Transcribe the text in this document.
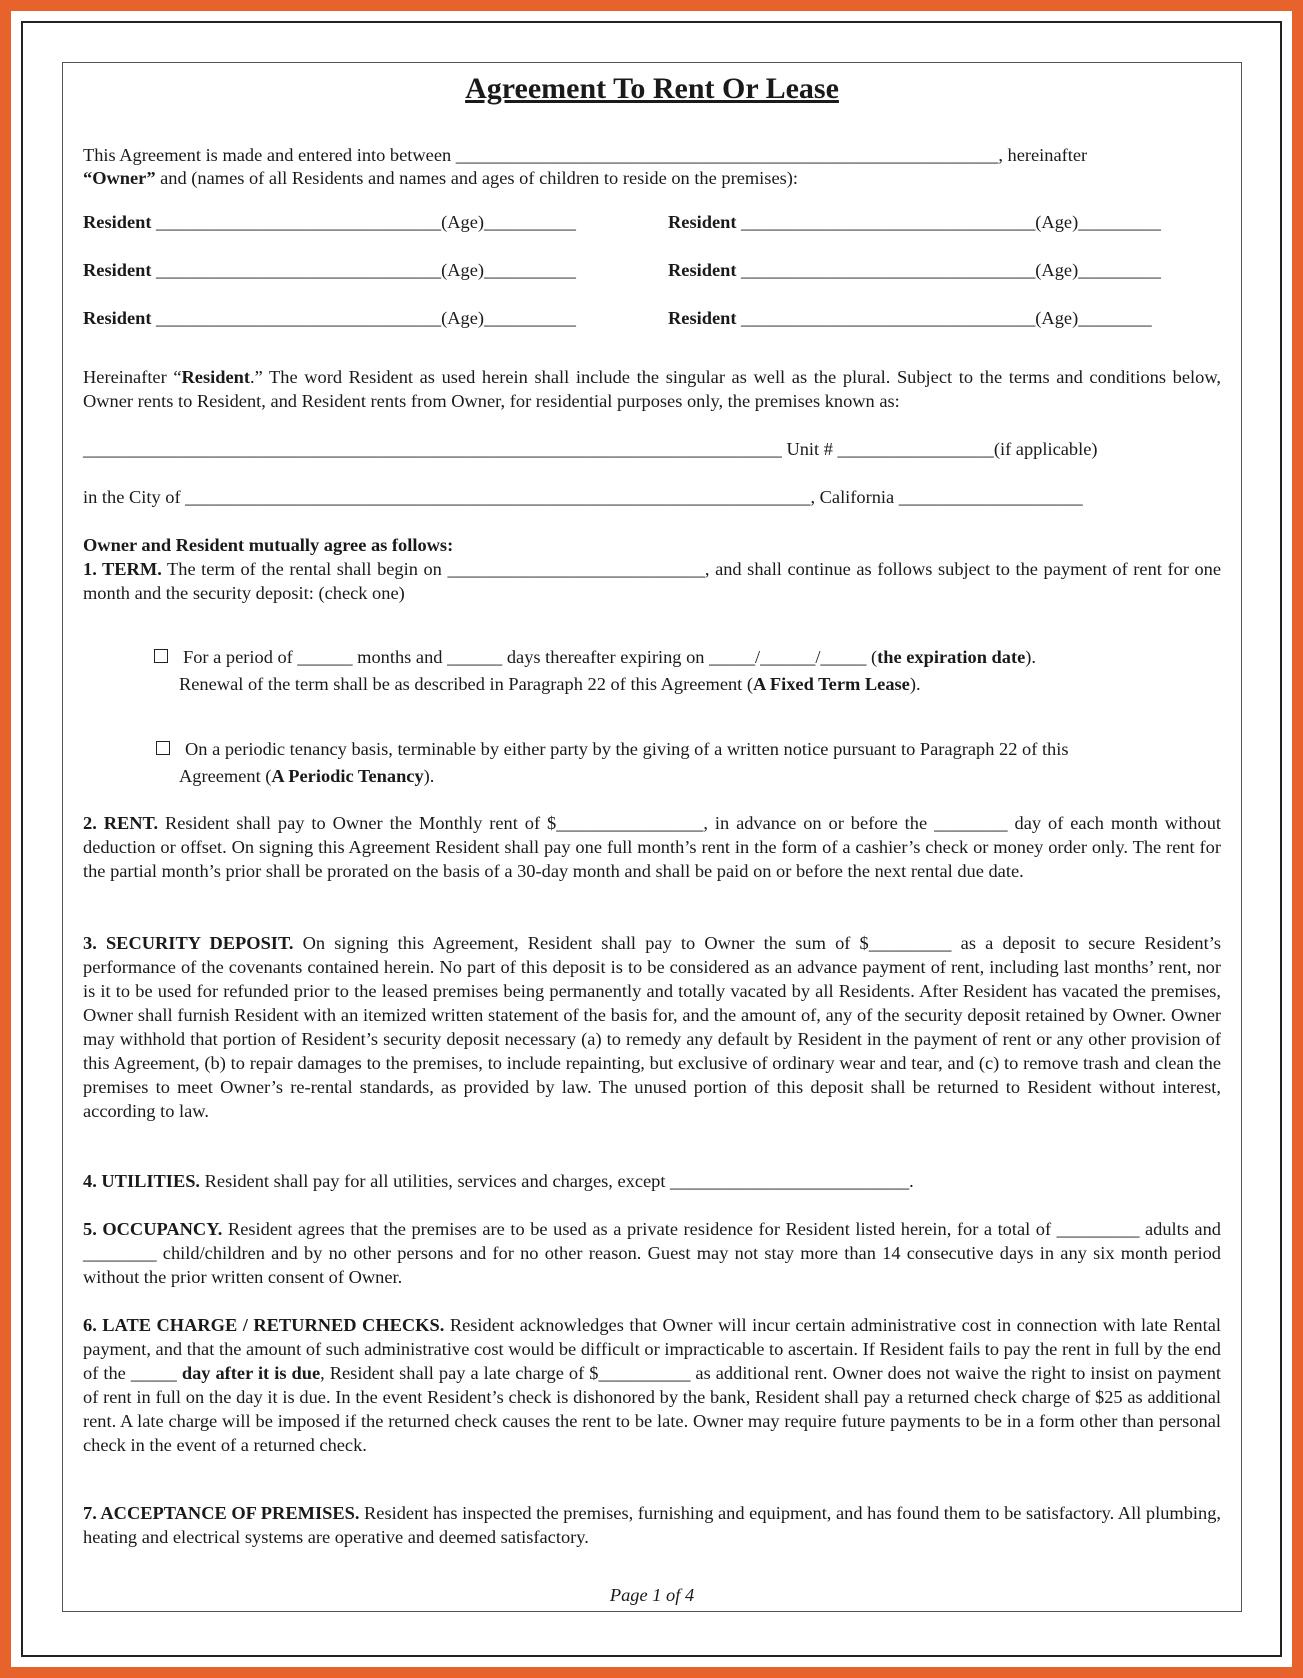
Agreement To Rent Or Lease
This Agreement is made and entered into between ___________________________________________________________, hereinafter
“Owner” and (names of all Residents and names and ages of children to reside on the premises):
Resident _______________________________(Age)__________	Resident ________________________________(Age)_________
Resident _______________________________(Age)__________	Resident ________________________________(Age)_________
Resident _______________________________(Age)__________	Resident ________________________________(Age)________
Hereinafter “Resident.” The word Resident as used herein shall include the singular as well as the plural. Subject to the terms and conditions below, Owner rents to Resident, and Resident rents from Owner, for residential purposes only, the premises known as:
____________________________________________________________________________ Unit # _________________(if applicable)
in the City of ____________________________________________________________________, California ____________________
Owner and Resident mutually agree as follows:
1. TERM. The term of the rental shall begin on ____________________________, and shall continue as follows subject to the payment of rent for one month and the security deposit: (check one)
For a period of ______ months and ______ days thereafter expiring on _____/______/_____ (the expiration date).
Renewal of the term shall be as described in Paragraph 22 of this Agreement (A Fixed Term Lease).
On a periodic tenancy basis, terminable by either party by the giving of a written notice pursuant to Paragraph 22 of this
Agreement (A Periodic Tenancy).
2. RENT. Resident shall pay to Owner the Monthly rent of $________________, in advance on or before the ________ day of each month without deduction or offset. On signing this Agreement Resident shall pay one full month’s rent in the form of a cashier’s check or money order only. The rent for the partial month’s prior shall be prorated on the basis of a 30-day month and shall be paid on or before the next rental due date.
3. SECURITY DEPOSIT. On signing this Agreement, Resident shall pay to Owner the sum of $_________ as a deposit to secure Resident’s performance of the covenants contained herein. No part of this deposit is to be considered as an advance payment of rent, including last months’ rent, nor is it to be used for refunded prior to the leased premises being permanently and totally vacated by all Residents. After Resident has vacated the premises, Owner shall furnish Resident with an itemized written statement of the basis for, and the amount of, any of the security deposit retained by Owner. Owner may withhold that portion of Resident’s security deposit necessary (a) to remedy any default by Resident in the payment of rent or any other provision of this Agreement, (b) to repair damages to the premises, to include repainting, but exclusive of ordinary wear and tear, and (c) to remove trash and clean the premises to meet Owner’s re-rental standards, as provided by law. The unused portion of this deposit shall be returned to Resident without interest, according to law.
4. UTILITIES. Resident shall pay for all utilities, services and charges, except __________________________.
5. OCCUPANCY. Resident agrees that the premises are to be used as a private residence for Resident listed herein, for a total of _________ adults and ________ child/children and by no other persons and for no other reason. Guest may not stay more than 14 consecutive days in any six month period without the prior written consent of Owner.
6. LATE CHARGE / RETURNED CHECKS. Resident acknowledges that Owner will incur certain administrative cost in connection with late Rental payment, and that the amount of such administrative cost would be difficult or impracticable to ascertain. If Resident fails to pay the rent in full by the end of the _____ day after it is due, Resident shall pay a late charge of $__________ as additional rent. Owner does not waive the right to insist on payment of rent in full on the day it is due. In the event Resident’s check is dishonored by the bank, Resident shall pay a returned check charge of $25 as additional rent. A late charge will be imposed if the returned check causes the rent to be late. Owner may require future payments to be in a form other than personal check in the event of a returned check.
7. ACCEPTANCE OF PREMISES. Resident has inspected the premises, furnishing and equipment, and has found them to be satisfactory. All plumbing, heating and electrical systems are operative and deemed satisfactory.
Page 1 of 4
